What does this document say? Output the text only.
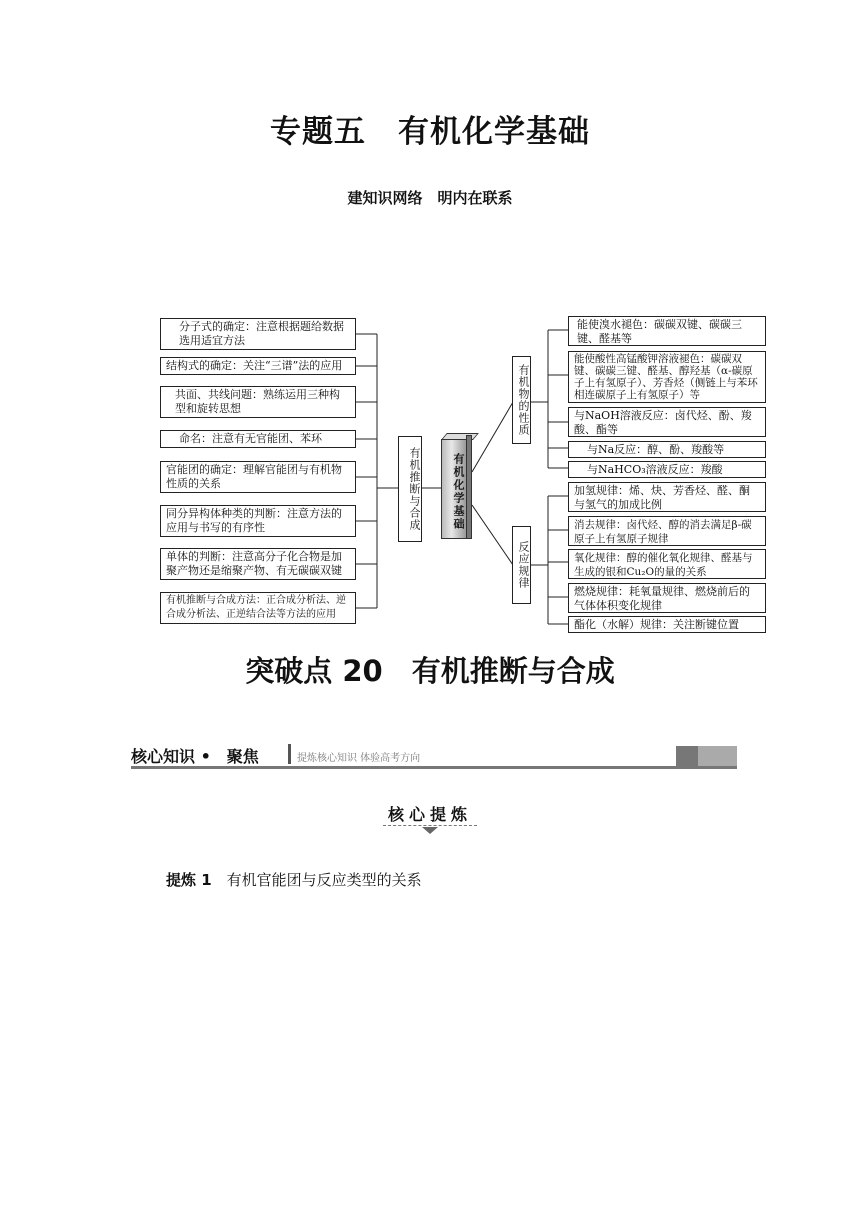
专题五　有机化学基础
建知识网络　明内在联系
分子式的确定：注意根据题给数据选用适宜方法
结构式的确定：关注“三谱”法的应用
共面、共线问题：熟练运用三种构型和旋转思想
命名：注意有无官能团、苯环
官能团的确定：理解官能团与有机物性质的关系
同分异构体种类的判断：注意方法的应用与书写的有序性
单体的判断：注意高分子化合物是加聚产物还是缩聚产物、有无碳碳双键
有机推断与合成方法：正合成分析法、逆合成分析法、正逆结合法等方法的应用
有机推断与合成	有机化学基础
有机物的性质
能使溴水褪色：碳碳双键、碳碳三键、醛基等
能使酸性高锰酸钾溶液褪色：碳碳双键、碳碳三键、醛基、醇羟基（α-碳原子上有氢原子）、芳香烃（侧链上与苯环相连碳原子上有氢原子）等
与NaOH溶液反应：卤代烃、酚、羧酸、酯等
与Na反应：醇、酚、羧酸等
与NaHCO₃溶液反应：羧酸
反应规律
加氢规律：烯、炔、芳香烃、醛、酮与氢气的加成比例
消去规律：卤代烃、醇的消去满足β-碳原子上有氢原子规律
氧化规律：醇的催化氧化规律、醛基与生成的银和Cu₂O的量的关系
燃烧规律：耗氧量规律、燃烧前后的气体体积变化规律
酯化（水解）规律：关注断键位置
突破点 20　有机推断与合成
核心知识 •　聚焦	提炼核心知识 体验高考方向
核心提炼
提炼 1　有机官能团与反应类型的关系
